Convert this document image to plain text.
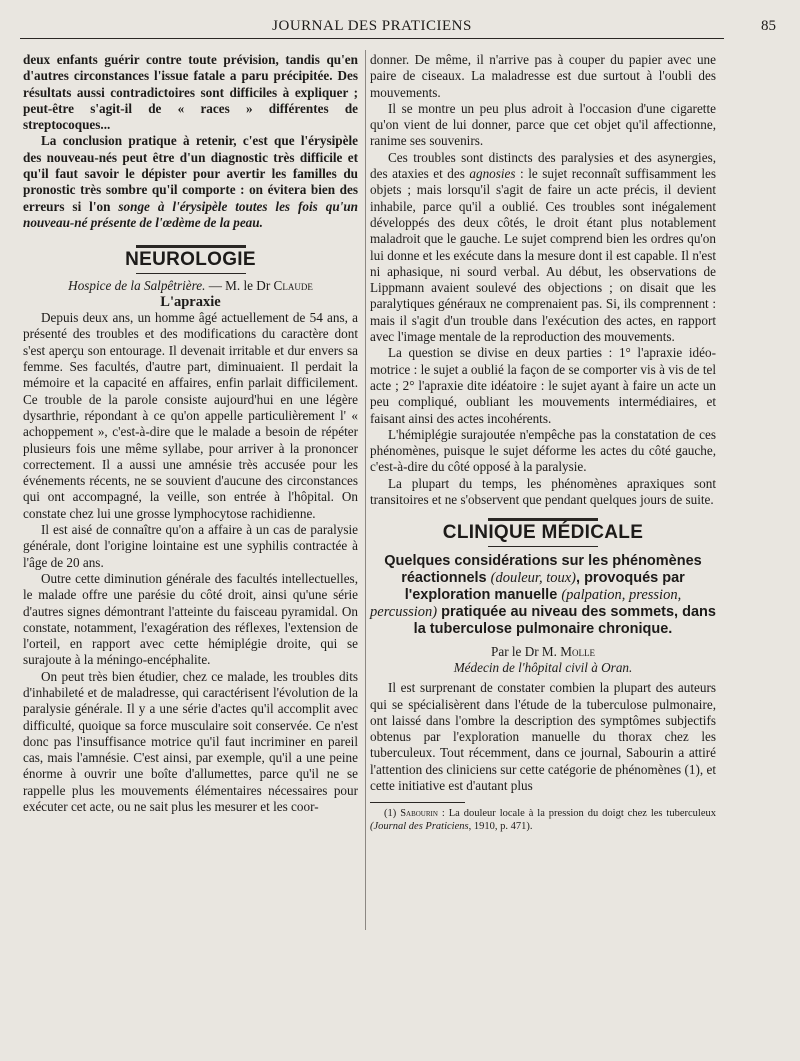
JOURNAL DES PRATICIENS	85

deux enfants guérir contre toute prévision, tandis qu'en d'autres circonstances l'issue fatale a paru précipitée. Des résultats aussi contradictoires sont difficiles à expliquer ; peut-être s'agit-il de « races » différentes de streptocoques...

La conclusion pratique à retenir, c'est que l'érysipèle des nouveau-nés peut être d'un diagnostic très difficile et qu'il faut savoir le dépister pour avertir les familles du pronostic très sombre qu'il comporte : on évitera bien des erreurs si l'on songe à l'érysipèle toutes les fois qu'un nouveau-né présente de l'œdème de la peau.

NEUROLOGIE

Hospice de la Salpêtrière. — M. le Dr Claude

L'apraxie

Depuis deux ans, un homme âgé actuellement de 54 ans, a présenté des troubles et des modifications du caractère dont s'est aperçu son entourage. Il devenait irritable et dur envers sa femme. Ses facultés, d'autre part, diminuaient. Il perdait la mémoire et la capacité en affaires, enfin parlait difficilement. Ce trouble de la parole consiste aujourd'hui en une légère dysarthrie, répondant à ce qu'on appelle particulièrement l' « achoppement », c'est-à-dire que le malade a besoin de répéter plusieurs fois une même syllabe, pour arriver à la prononcer correctement. Il a aussi une amnésie très accusée pour les événements récents, ne se souvient d'aucune des circonstances qui ont accompagné, la veille, son entrée à l'hôpital. On constate chez lui une grosse lymphocytose rachidienne.

Il est aisé de connaître qu'on a affaire à un cas de paralysie générale, dont l'origine lointaine est une syphilis contractée à l'âge de 20 ans.

Outre cette diminution générale des facultés intellectuelles, le malade offre une parésie du côté droit, ainsi qu'une série d'autres signes démontrant l'atteinte du faisceau pyramidal. On constate, notamment, l'exagération des réflexes, l'extension de l'orteil, en rapport avec cette hémiplégie droite, qui se surajoute à la méningo-encéphalite.

On peut très bien étudier, chez ce malade, les troubles dits d'inhabileté et de maladresse, qui caractérisent l'évolution de la paralysie générale. Il y a une série d'actes qu'il accomplit avec difficulté, quoique sa force musculaire soit conservée. Ce n'est donc pas l'insuffisance motrice qu'il faut incriminer en pareil cas, mais l'amnésie. C'est ainsi, par exemple, qu'il a une peine énorme à ouvrir une boîte d'allumettes, parce qu'il ne se rappelle plus les mouvements élémentaires nécessaires pour exécuter cet acte, ou ne sait plus les mesurer et les coor-

donner. De même, il n'arrive pas à couper du papier avec une paire de ciseaux. La maladresse est due surtout à l'oubli des mouvements.

Il se montre un peu plus adroit à l'occasion d'une cigarette qu'on vient de lui donner, parce que cet objet qu'il affectionne, ranime ses souvenirs.

Ces troubles sont distincts des paralysies et des asynergies, des ataxies et des agnosies : le sujet reconnaît suffisamment les objets ; mais lorsqu'il s'agit de faire un acte précis, il devient inhabile, parce qu'il a oublié. Ces troubles sont inégalement développés des deux côtés, le droit étant plus notablement maladroit que le gauche. Le sujet comprend bien les ordres qu'on lui donne et les exécute dans la mesure dont il est capable. Il n'est ni aphasique, ni sourd verbal. Au début, les observations de Lippmann avaient soulevé des objections ; on disait que les paralytiques généraux ne comprenaient pas. Si, ils comprennent : mais il s'agit d'un trouble dans l'exécution des actes, en rapport avec l'image mentale de la reproduction des mouvements.

La question se divise en deux parties : 1° l'apraxie idéo-motrice : le sujet a oublié la façon de se comporter vis à vis de tel acte ; 2° l'apraxie dite idéatoire : le sujet ayant à faire un acte un peu compliqué, oubliant les mouvements intermédiaires, et faisant ainsi des actes incohérents.

L'hémiplégie surajoutée n'empêche pas la constatation de ces phénomènes, puisque le sujet déforme les actes du côté gauche, c'est-à-dire du côté opposé à la paralysie.

La plupart du temps, les phénomènes apraxiques sont transitoires et ne s'observent que pendant quelques jours de suite.

CLINIQUE MÉDICALE
Quelques considérations sur les phénomènes réactionnels (douleur, toux), provoqués par l'exploration manuelle (palpation, pression, percussion) pratiquée au niveau des sommets, dans la tuberculose pulmonaire chronique.

Par le Dr M. Molle

Médecin de l'hôpital civil à Oran.

Il est surprenant de constater combien la plupart des auteurs qui se spécialisèrent dans l'étude de la tuberculose pulmonaire, ont laissé dans l'ombre la description des symptômes subjectifs obtenus par l'exploration manuelle du thorax chez les tuberculeux. Tout récemment, dans ce journal, Sabourin a attiré l'attention des cliniciens sur cette catégorie de phénomènes (1), et cette initiative est d'autant plus

(1) Sabourin : La douleur locale à la pression du doigt chez les tuberculeux (Journal des Praticiens, 1910, p. 471).
